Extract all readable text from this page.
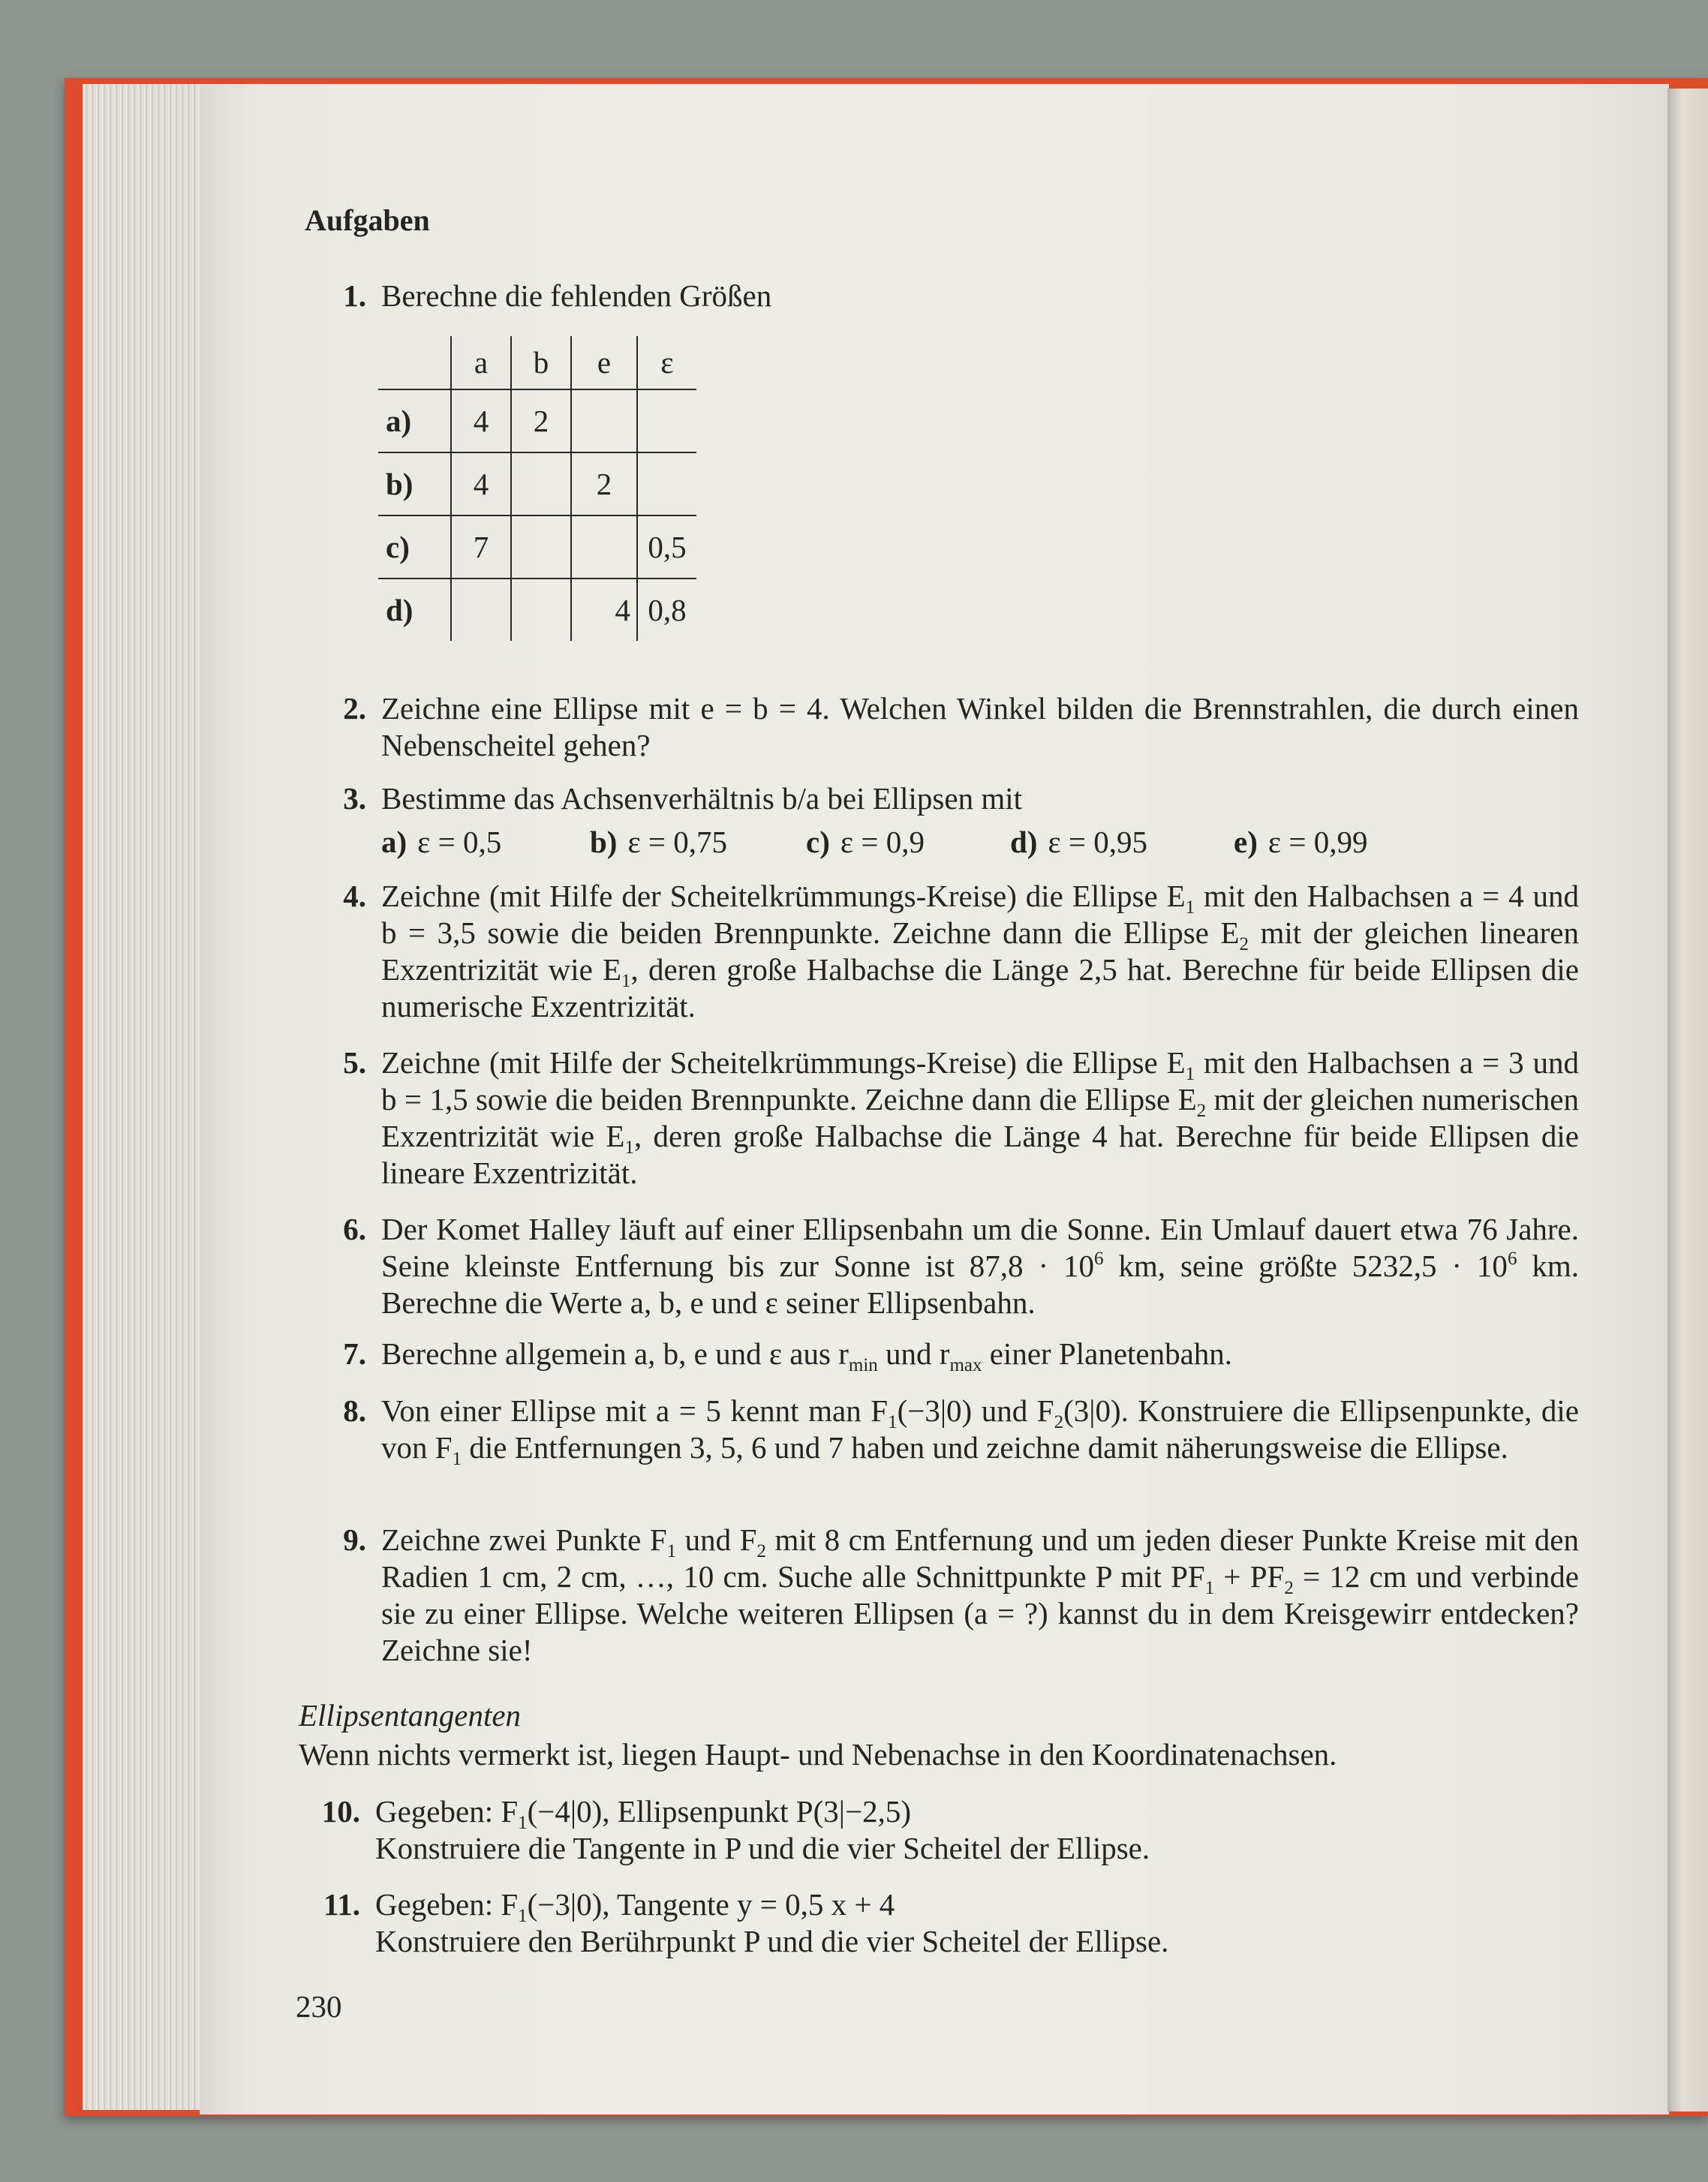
Aufgaben
1. Berechne die fehlenden Größen
	a	b	e	ε
a)	4	2		
b)	4		2	
c)	7			0,5
d)			4	0,8
2. Zeichne eine Ellipse mit e = b = 4. Welchen Winkel bilden die Brennstrahlen, die durch einen Nebenscheitel gehen?
3. Bestimme das Achsenverhältnis b/a bei Ellipsen mit
a) ε = 0,5	b) ε = 0,75	c) ε = 0,9	d) ε = 0,95	e) ε = 0,99
4. Zeichne (mit Hilfe der Scheitelkrümmungs-Kreise) die Ellipse $E_1$ mit den Halbachsen a = 4 und b = 3,5 sowie die beiden Brennpunkte. Zeichne dann die Ellipse $E_2$ mit der gleichen linearen Exzentrizität wie $E_1$, deren große Halbachse die Länge 2,5 hat. Berechne für beide Ellipsen die numerische Exzentrizität.
5. Zeichne (mit Hilfe der Scheitelkrümmungs-Kreise) die Ellipse $E_1$ mit den Halbachsen a = 3 und b = 1,5 sowie die beiden Brennpunkte. Zeichne dann die Ellipse $E_2$ mit der gleichen numerischen Exzentrizität wie $E_1$, deren große Halbachse die Länge 4 hat. Berechne für beide Ellipsen die lineare Exzentrizität.
6. Der Komet Halley läuft auf einer Ellipsenbahn um die Sonne. Ein Umlauf dauert etwa 76 Jahre. Seine kleinste Entfernung bis zur Sonne ist $87,8 \cdot 10^6$ km, seine größte $5232,5 \cdot 10^6$ km. Berechne die Werte a, b, e und ε seiner Ellipsenbahn.
7. Berechne allgemein a, b, e und ε aus $r_{min}$ und $r_{max}$ einer Planetenbahn.
8. Von einer Ellipse mit a = 5 kennt man $F_1(-3|0)$ und $F_2(3|0)$. Konstruiere die Ellipsenpunkte, die von $F_1$ die Entfernungen 3, 5, 6 und 7 haben und zeichne damit näherungsweise die Ellipse.
9. Zeichne zwei Punkte $F_1$ und $F_2$ mit 8 cm Entfernung und um jeden dieser Punkte Kreise mit den Radien 1 cm, 2 cm, …, 10 cm. Suche alle Schnittpunkte P mit $PF_1 + PF_2 = 12$ cm und verbinde sie zu einer Ellipse. Welche weiteren Ellipsen (a = ?) kannst du in dem Kreisgewirr entdecken? Zeichne sie!
Ellipsentangenten
Wenn nichts vermerkt ist, liegen Haupt- und Nebenachse in den Koordinatenachsen.
10. Gegeben: $F_1(-4|0)$, Ellipsenpunkt P(3|−2,5)
Konstruiere die Tangente in P und die vier Scheitel der Ellipse.
11. Gegeben: $F_1(-3|0)$, Tangente y = 0,5 x + 4
Konstruiere den Berührpunkt P und die vier Scheitel der Ellipse.
230
